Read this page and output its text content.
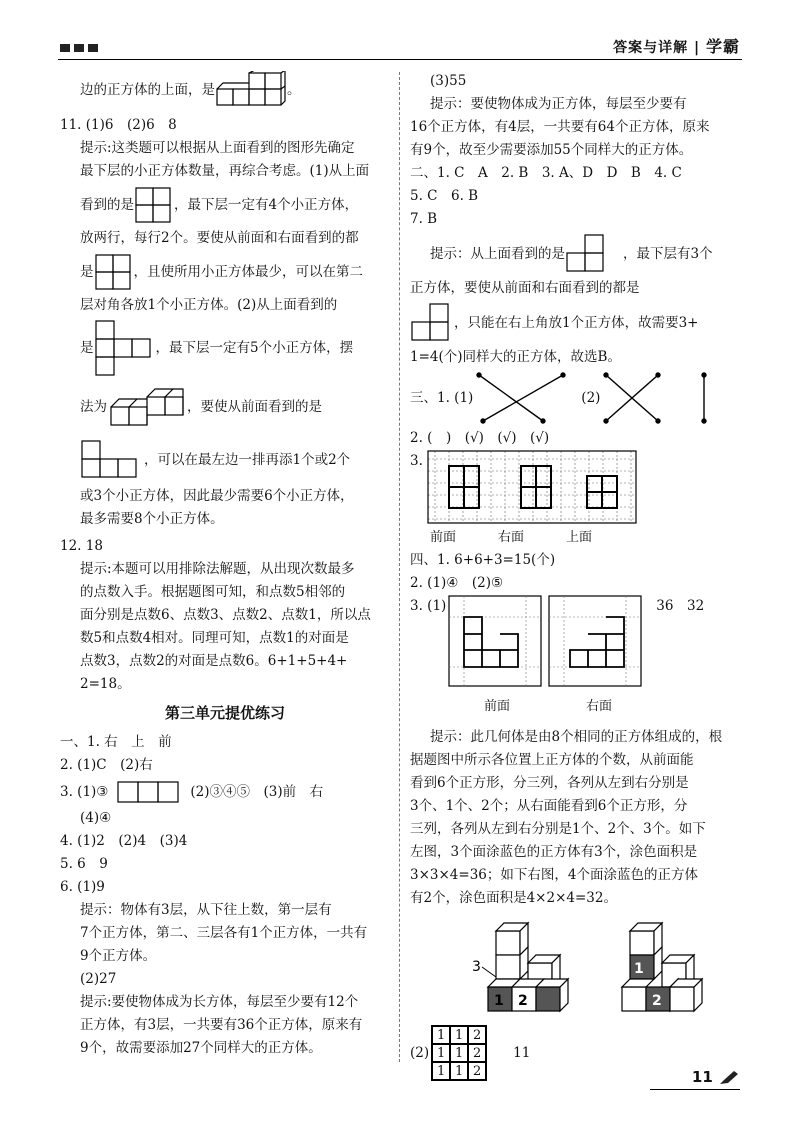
答案与详解 | 学霸
边的正方体的上面，是	。

11. (1)6　(2)6　8

提示:这类题可以根据从上面看到的图形先确定

最下层的小正方体数量，再综合考虑。(1)从上面

看到的是	，最下层一定有4个小正方体，

放两行，每行2个。要使从前面和右面看到的都

是	，且使所用小正方体最少，可以在第二

层对角各放1个小正方体。(2)从上面看到的

是	，最下层一定有5个小正方体，摆
法为	，要使从前面看到的是
，可以在最左边一排再添1个或2个

或3个小正方体，因此最少需要6个小正方体，

最多需要8个小正方体。

12. 18

提示:本题可以用排除法解题，从出现次数最多

的点数入手。根据题图可知，和点数5相邻的

面分别是点数6、点数3、点数2、点数1，所以点

数5和点数4相对。同理可知，点数1的对面是

点数3，点数2的对面是点数6。6+1+5+4+

2=18。

第三单元提优练习

一、1. 右　上　前

2. (1)C　(2)右

3. (1)③	(2)③④⑤　(3)前　右

(4)④

4. (1)2　(2)4　(3)4

5. 6　9

6. (1)9

提示：物体有3层，从下往上数，第一层有

7个正方体，第二、三层各有1个正方体，一共有

9个正方体。

(2)27

提示:要使物体成为长方体，每层至少要有12个

正方体，有3层，一共要有36个正方体，原来有

9个，故需要添加27个同样大的正方体。

(3)55

提示：要使物体成为正方体，每层至少要有

16个正方体，有4层，一共要有64个正方体，原来

有9个，故至少需要添加55个同样大的正方体。

二、1. C　A　2. B　3. A、D　D　B　4. C

5. C　6. B

7. B

提示：从上面看到的是	，最下层有3个

正方体，要使从前面和右面看到的都是

，只能在右上角放1个正方体，故需要3+

1=4(个)同样大的正方体，故选B。

三、1. (1)	(2)

2. (　)　(√)　(√)　(√)

3.
前面	右面	上面

四、1. 6+6+3=15(个)

2. (1)④　(2)⑤

3. (1)	36　32
前面	右面

提示：此几何体是由8个相同的正方体组成的，根

据题图中所示各位置上正方体的个数，从前面能

看到6个正方形，分三列，各列从左到右分别是

3个、1个、2个；从右面能看到6个正方形，分

三列，各列从左到右分别是1个、2个、3个。如下

左图，3个面涂蓝色的正方体有3个，涂色面积是

3×3×4=36；如下右图，4个面涂蓝色的正方体

有2个，涂色面积是4×2×4=32。

3
1 2
1
2
(2)
1 1 2
1 1 2
1 1 2
11
11
